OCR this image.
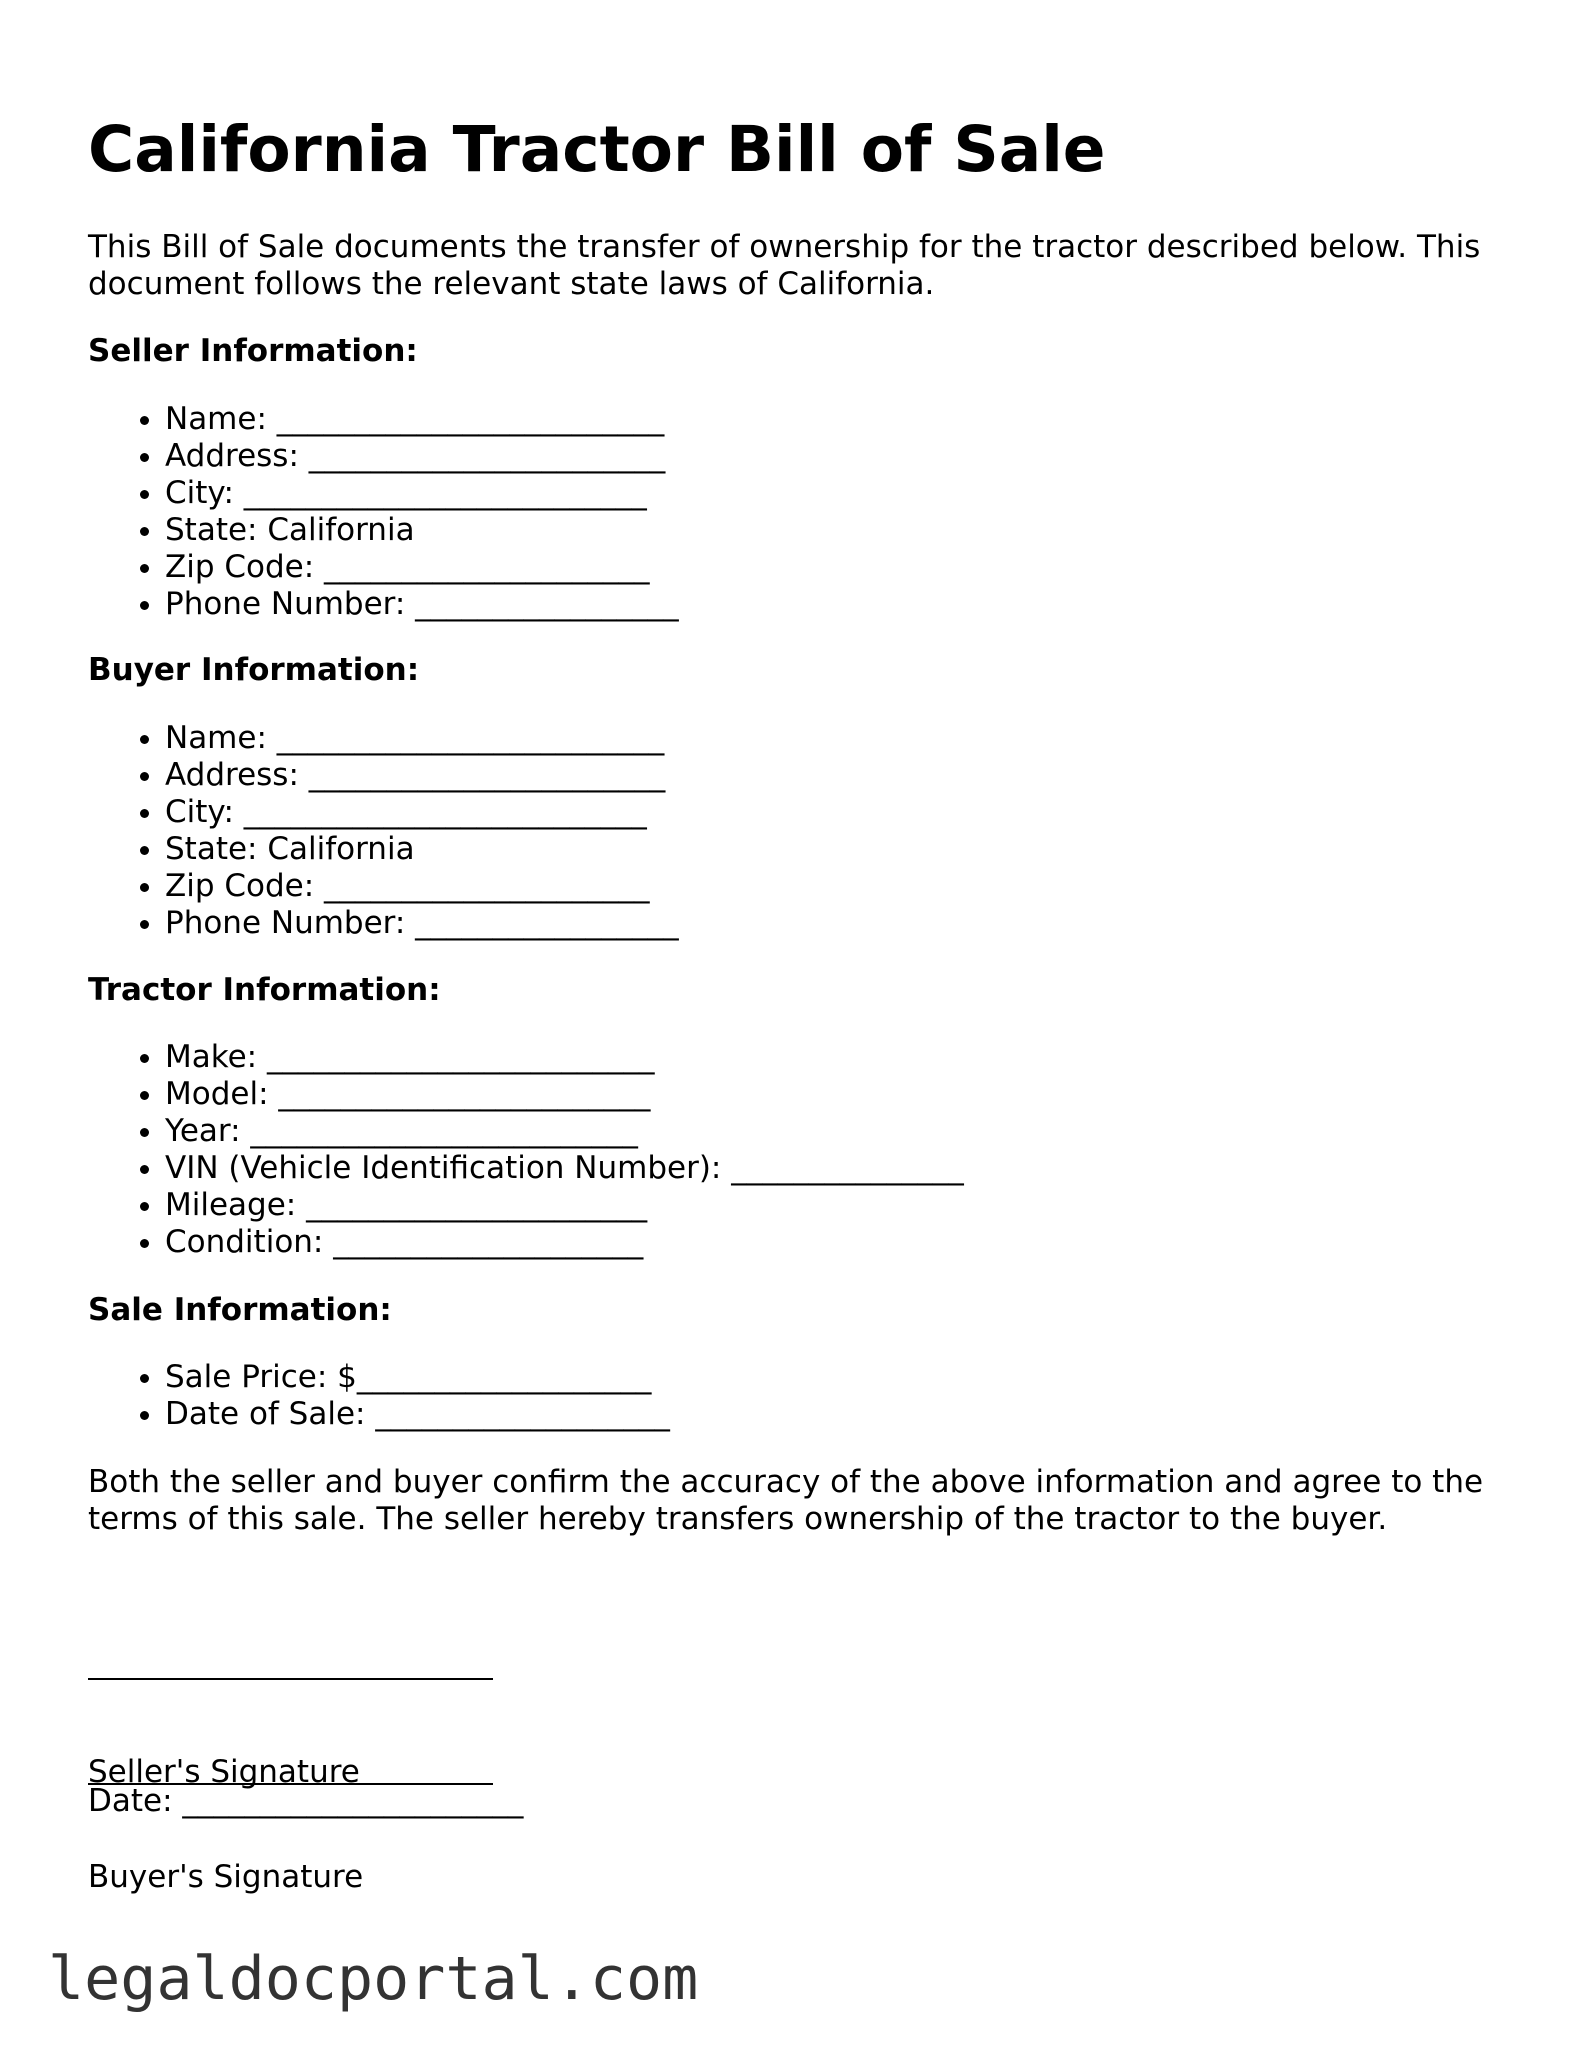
California Tractor Bill of Sale

This Bill of Sale documents the transfer of ownership for the tractor described below. This document follows the relevant state laws of California.

Seller Information:
• Name: _________________________
• Address: _______________________
• City: __________________________
• State: California
• Zip Code: _____________________
• Phone Number: _________________
Buyer Information:
• Name: _________________________
• Address: _______________________
• City: __________________________
• State: California
• Zip Code: _____________________
• Phone Number: _________________
Tractor Information:
• Make: _________________________
• Model: ________________________
• Year: _________________________
• VIN (Vehicle Identification Number): _______________
• Mileage: ______________________
• Condition: ____________________
Sale Information:
• Sale Price: $___________________
• Date of Sale: ___________________

Both the seller and buyer confirm the accuracy of the above information and agree to the terms of this sale. The seller hereby transfers ownership of the tractor to the buyer.

Seller's Signature

Buyer's Signature

Date: ______________________
legaldocportal.com
